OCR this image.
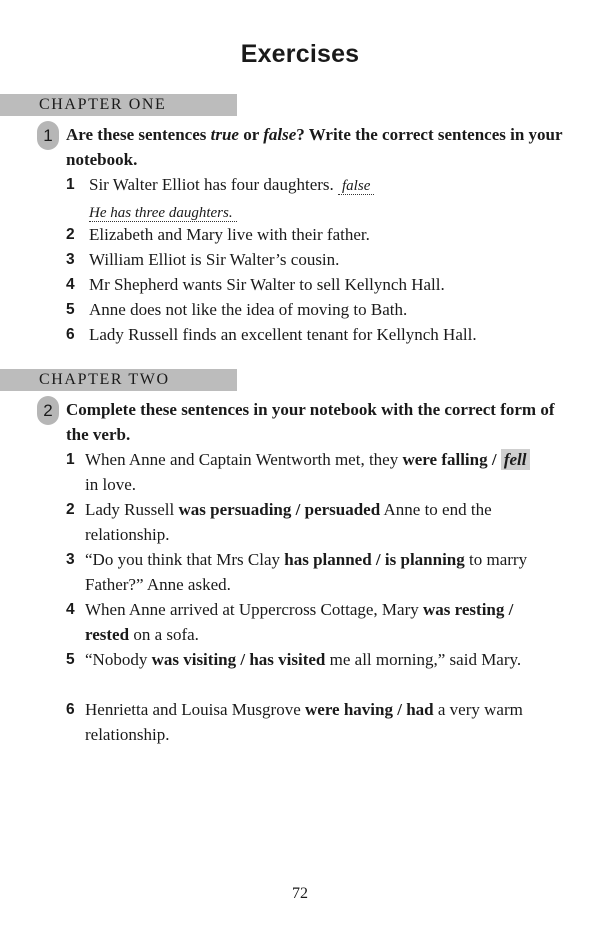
Exercises
CHAPTER ONE
1 Are these sentences true or false? Write the correct sentences in your notebook.
1 Sir Walter Elliot has four daughters. false
He has three daughters.
2 Elizabeth and Mary live with their father.
3 William Elliot is Sir Walter’s cousin.
4 Mr Shepherd wants Sir Walter to sell Kellynch Hall.
5 Anne does not like the idea of moving to Bath.
6 Lady Russell finds an excellent tenant for Kellynch Hall.
CHAPTER TWO
2 Complete these sentences in your notebook with the correct form of the verb.
1 When Anne and Captain Wentworth met, they were falling / fell in love.
2 Lady Russell was persuading / persuaded Anne to end the relationship.
3 “Do you think that Mrs Clay has planned / is planning to marry Father?” Anne asked.
4 When Anne arrived at Uppercross Cottage, Mary was resting / rested on a sofa.
5 “Nobody was visiting / has visited me all morning,” said Mary.
6 Henrietta and Louisa Musgrove were having / had a very warm relationship.
72
